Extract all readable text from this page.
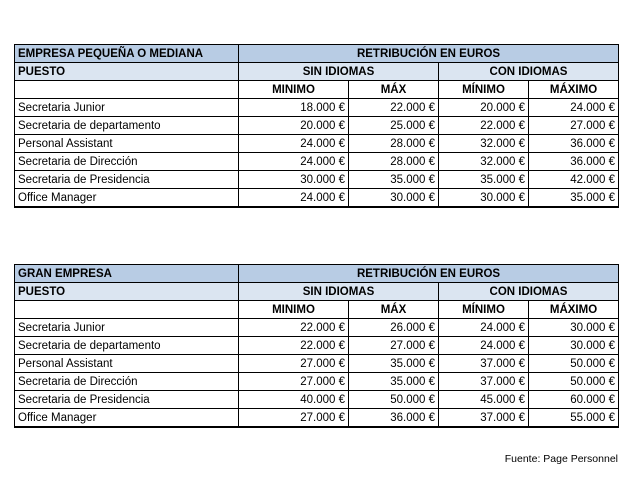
EMPRESA PEQUEÑA O MEDIANA	RETRIBUCIÓN EN EUROS			
PUESTO	SIN IDIOMAS		CON IDIOMAS	
	MINIMO	MÁX	MÍNIMO	MÁXIMO
Secretaria Junior	18.000 €	22.000 €	20.000 €	24.000 €
Secretaria de departamento	20.000 €	25.000 €	22.000 €	27.000 €
Personal Assistant	24.000 €	28.000 €	32.000 €	36.000 €
Secretaria de Dirección	24.000 €	28.000 €	32.000 €	36.000 €
Secretaria de Presidencia	30.000 €	35.000 €	35.000 €	42.000 €
Office Manager	24.000 €	30.000 €	30.000 €	35.000 €
GRAN EMPRESA	RETRIBUCIÓN EN EUROS			
PUESTO	SIN IDIOMAS		CON IDIOMAS	
	MINIMO	MÁX	MÍNIMO	MÁXIMO
Secretaria Junior	22.000 €	26.000 €	24.000 €	30.000 €
Secretaria de departamento	22.000 €	27.000 €	24.000 €	30.000 €
Personal Assistant	27.000 €	35.000 €	37.000 €	50.000 €
Secretaria de Dirección	27.000 €	35.000 €	37.000 €	50.000 €
Secretaria de Presidencia	40.000 €	50.000 €	45.000 €	60.000 €
Office Manager	27.000 €	36.000 €	37.000 €	55.000 €
Fuente: Page Personnel
